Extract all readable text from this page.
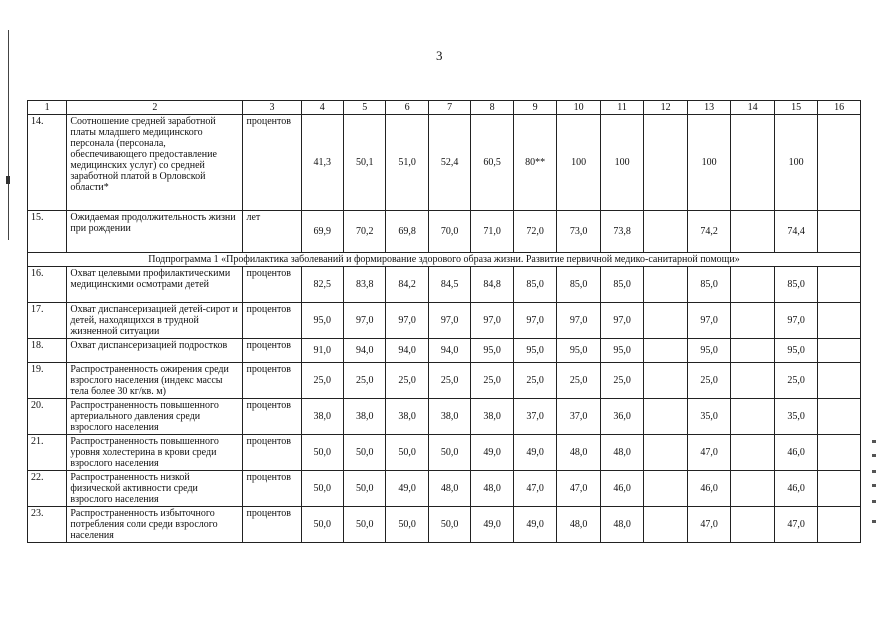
3
1	2	3	4	5	6	7	8	9	10	11	12	13	14	15	16
14.	Соотношение средней заработной платы младшего медицинского персонала (персонала, обеспечивающего предоставление медицинских услуг) со средней заработной платой в Орловской области*	процентов	41,3	50,1	51,0	52,4	60,5	80**	100	100		100		100	
15.	Ожидаемая продолжительность жизни при рождении	лет	69,9	70,2	69,8	70,0	71,0	72,0	73,0	73,8		74,2		74,4	
Подпрограмма 1 «Профилактика заболеваний и формирование здорового образа жизни. Развитие первичной медико-санитарной помощи»															
16.	Охват целевыми профилактическими медицинскими осмотрами детей	процентов	82,5	83,8	84,2	84,5	84,8	85,0	85,0	85,0		85,0		85,0	
17.	Охват диспансеризацией детей-сирот и детей, находящихся в трудной жизненной ситуации	процентов	95,0	97,0	97,0	97,0	97,0	97,0	97,0	97,0		97,0		97,0	
18.	Охват диспансеризацией подростков	процентов	91,0	94,0	94,0	94,0	95,0	95,0	95,0	95,0		95,0		95,0	
19.	Распространенность ожирения среди взрослого населения (индекс массы тела более 30 кг/кв. м)	процентов	25,0	25,0	25,0	25,0	25,0	25,0	25,0	25,0		25,0		25,0	
20.	Распространенность повышенного артериального давления среди взрослого населения	процентов	38,0	38,0	38,0	38,0	38,0	37,0	37,0	36,0		35,0		35,0	
21.	Распространенность повышенного уровня холестерина в крови среди взрослого населения	процентов	50,0	50,0	50,0	50,0	49,0	49,0	48,0	48,0		47,0		46,0	
22.	Распространенность низкой физической активности среди взрослого населения	процентов	50,0	50,0	49,0	48,0	48,0	47,0	47,0	46,0		46,0		46,0	
23.	Распространенность избыточного потребления соли среди взрослого населения	процентов	50,0	50,0	50,0	50,0	49,0	49,0	48,0	48,0		47,0		47,0	
